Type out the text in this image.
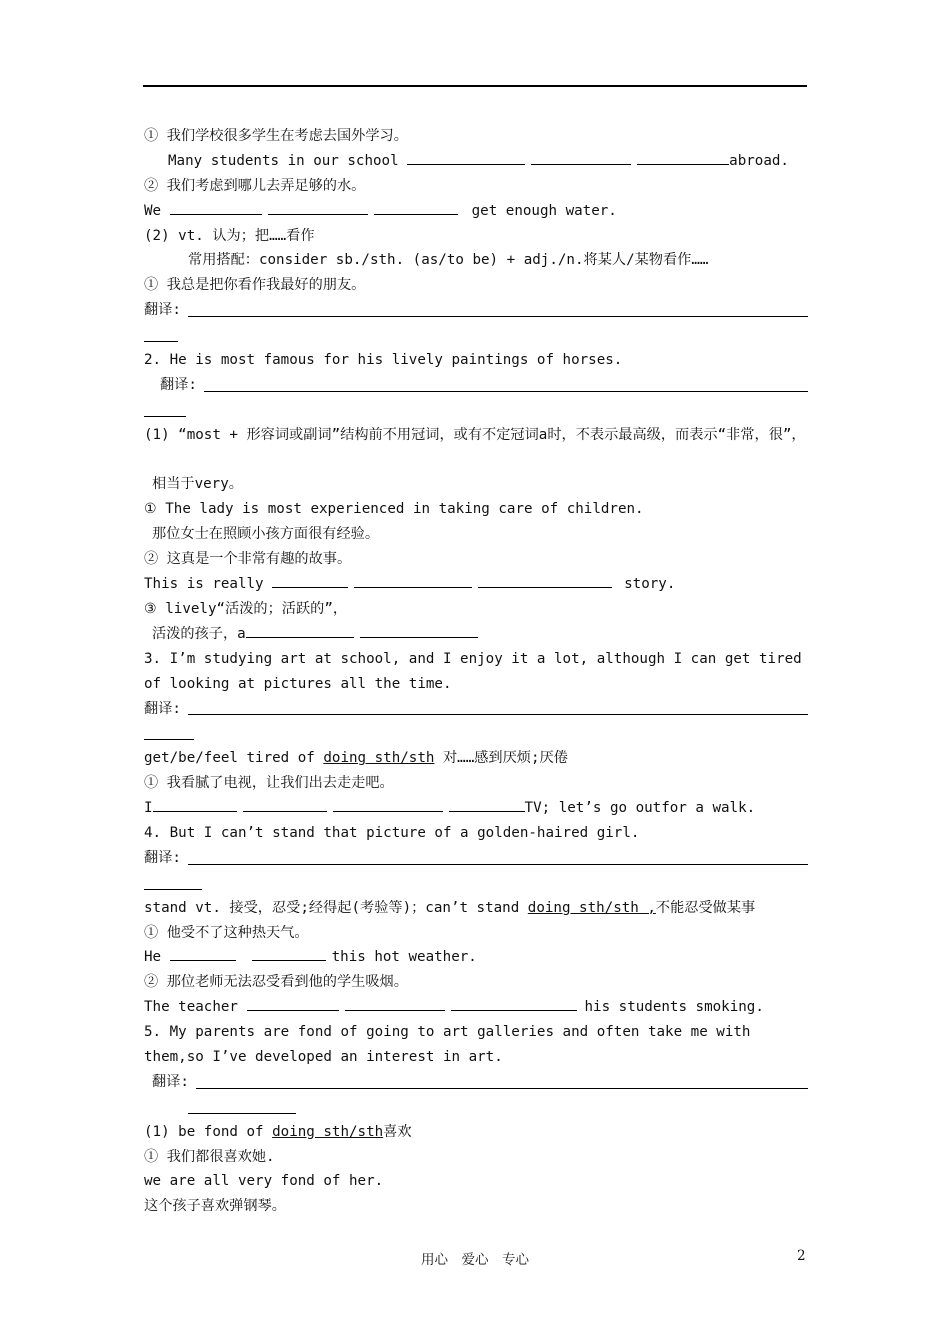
① 我们学校很多学生在考虑去国外学习。
Many students in our school	abroad.
② 我们考虑到哪儿去弄足够的水。
We	get enough water.
(2) vt. 认为；把……看作
常用搭配：consider sb./sth. (as/to be) + adj./n.将某人/某物看作……
① 我总是把你看作我最好的朋友。
翻译:
2. He is most famous for his lively paintings of horses.
翻译:
(1) “most + 形容词或副词”结构前不用冠词，或有不定冠词a时，不表示最高级，而表示“非常，很”，
相当于very。
① The lady is most experienced in taking care of children.
那位女士在照顾小孩方面很有经验。
② 这真是一个非常有趣的故事。
This is really	story.
③ lively“活泼的；活跃的”，
活泼的孩子，a
3. I’m studying art at school, and I enjoy it a lot, although I can get tired of looking at pictures all the time.
翻译:
get/be/feel tired of doing sth/sth 对……感到厌烦;厌倦
① 我看腻了电视，让我们出去走走吧。
I	TV; let’s go outfor a walk.
4. But I can’t stand that picture of a golden-haired girl.
翻译:
stand vt. 接受，忍受;经得起(考验等)；can’t stand doing sth/sth ,不能忍受做某事
① 他受不了这种热天气。
He	this hot weather.
② 那位老师无法忍受看到他的学生吸烟。
The teacher	his students smoking.
5. My parents are fond of going to art galleries and often take me with them,so I’ve developed an interest in art.
翻译:
(1) be fond of doing sth/sth喜欢
① 我们都很喜欢她.
we are all very fond of her.
这个孩子喜欢弹钢琴。
用心　爱心　专心	2
